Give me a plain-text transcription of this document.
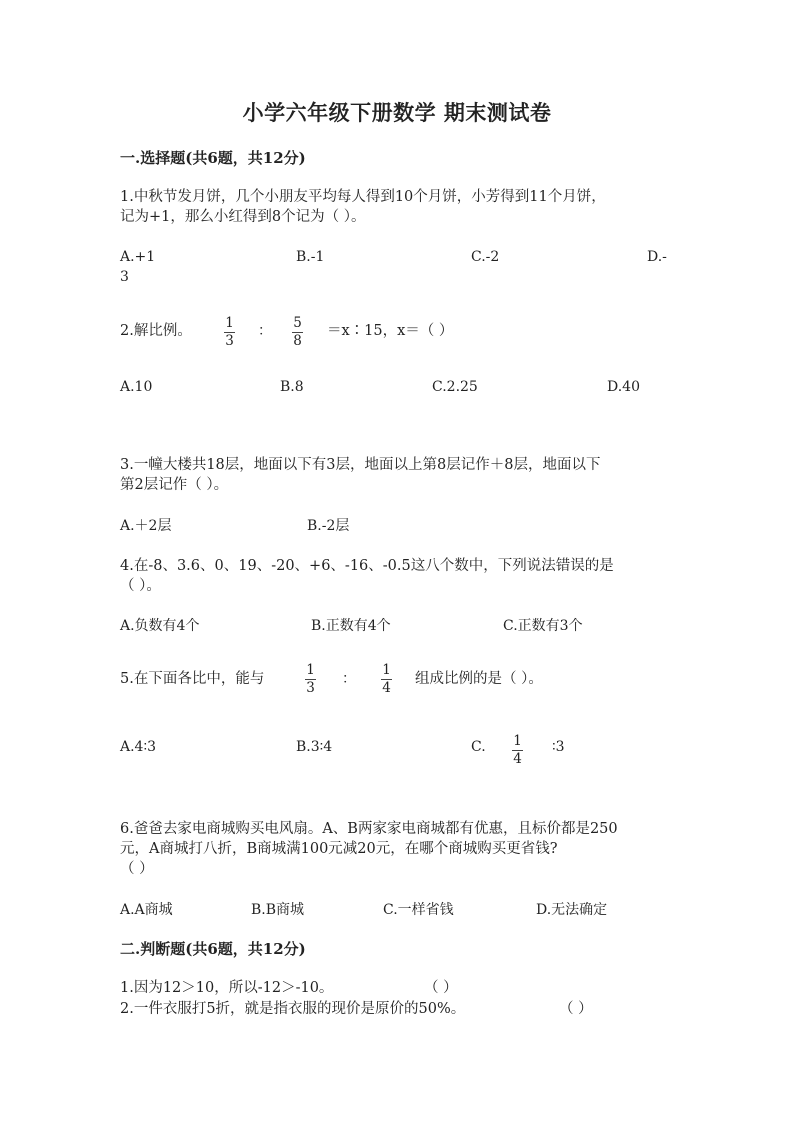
小学六年级下册数学 期末测试卷
一.选择题(共6题，共12分)
1.中秋节发月饼，几个小朋友平均每人得到10个月饼，小芳得到11个月饼，
记为+1，那么小红得到8个记为（ ）。
A.+1	B.-1	C.-2	D.-
3
2.解比例。 1
3
： 5
8
＝x∶15，x＝（ ）
A.10	B.8	C.2.25	D.40
3.一幢大楼共18层，地面以下有3层，地面以上第8层记作＋8层，地面以下
第2层记作（ ）。
A.＋2层	B.-2层
4.在-8、3.6、0、19、-20、+6、-16、-0.5这八个数中，下列说法错误的是
（ ）。
A.负数有4个	B.正数有4个	C.正数有3个
5.在下面各比中，能与
1
3
：
1
4
组成比例的是（ ）。
A.4∶3	B.3∶4	C. 1
4
∶3
6.爸爸去家电商城购买电风扇。A、B两家家电商城都有优惠，且标价都是250
元，A商城打八折，B商城满100元减20元，在哪个商城购买更省钱?
（ ）
A.A商城	B.B商城	C.一样省钱	D.无法确定
二.判断题(共6题，共12分)
1.因为12＞10，所以-12＞-10。	（ ）
2.一件衣服打5折，就是指衣服的现价是原价的50%。	（ ）
